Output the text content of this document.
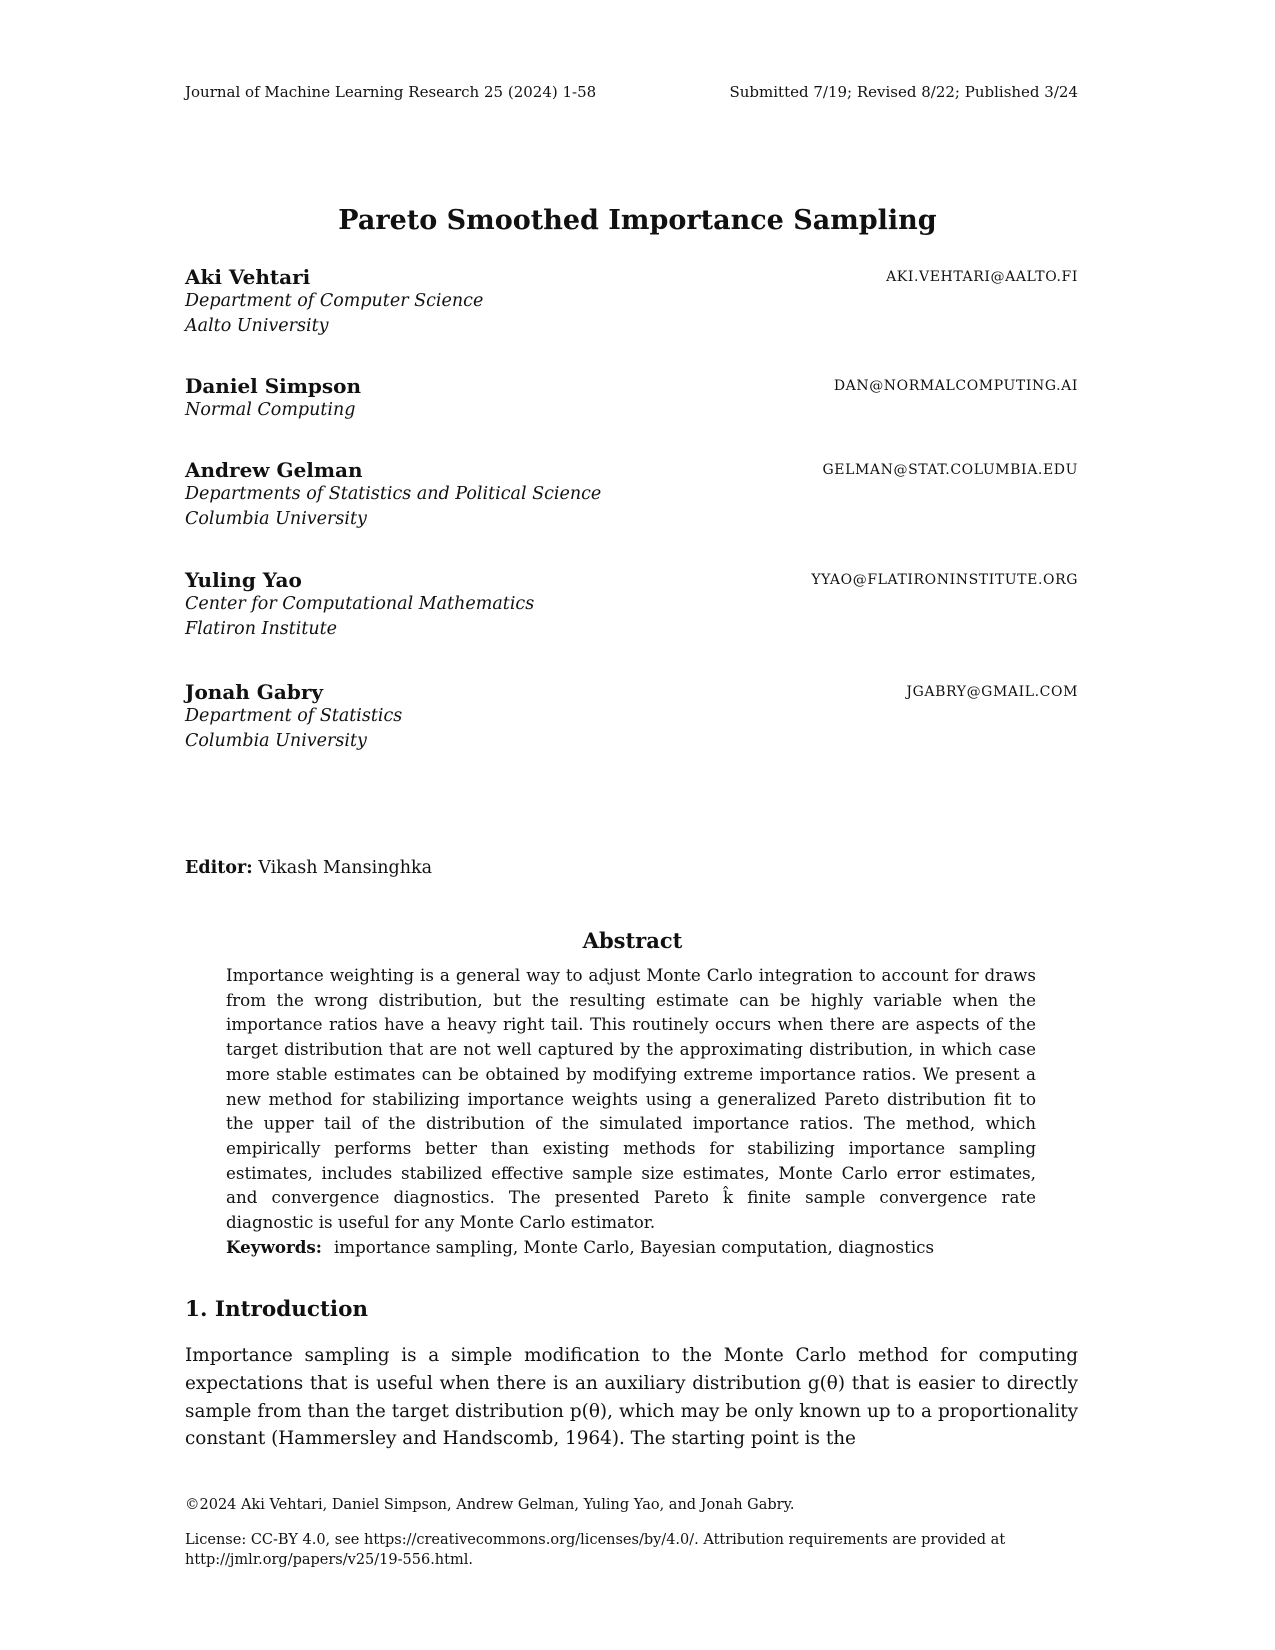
Journal of Machine Learning Research 25 (2024) 1-58	Submitted 7/19; Revised 8/22; Published 3/24
Pareto Smoothed Importance Sampling
Aki Vehtari	AKI.VEHTARI@AALTO.FI
Department of Computer Science
Aalto University
Daniel Simpson	DAN@NORMALCOMPUTING.AI
Normal Computing
Andrew Gelman	GELMAN@STAT.COLUMBIA.EDU
Departments of Statistics and Political Science
Columbia University
Yuling Yao	YYAO@FLATIRONINSTITUTE.ORG
Center for Computational Mathematics
Flatiron Institute
Jonah Gabry	JGABRY@GMAIL.COM
Department of Statistics
Columbia University
Editor: Vikash Mansinghka
Abstract
Importance weighting is a general way to adjust Monte Carlo integration to account for draws from the wrong distribution, but the resulting estimate can be highly variable when the importance ratios have a heavy right tail. This routinely occurs when there are aspects of the target distribution that are not well captured by the approximating distribution, in which case more stable estimates can be obtained by modifying extreme importance ratios. We present a new method for stabilizing importance weights using a generalized Pareto distribution fit to the upper tail of the distribution of the simulated importance ratios. The method, which empirically performs better than existing methods for stabilizing importance sampling estimates, includes stabilized effective sample size estimates, Monte Carlo error estimates, and convergence diagnostics. The presented Pareto k̂ finite sample convergence rate diagnostic is useful for any Monte Carlo estimator.
Keywords: importance sampling, Monte Carlo, Bayesian computation, diagnostics
1. Introduction
Importance sampling is a simple modification to the Monte Carlo method for computing expectations that is useful when there is an auxiliary distribution g(θ) that is easier to directly sample from than the target distribution p(θ), which may be only known up to a proportionality constant (Hammersley and Handscomb, 1964). The starting point is the
©2024 Aki Vehtari, Daniel Simpson, Andrew Gelman, Yuling Yao, and Jonah Gabry.
License: CC-BY 4.0, see https://creativecommons.org/licenses/by/4.0/. Attribution requirements are provided at http://jmlr.org/papers/v25/19-556.html.
